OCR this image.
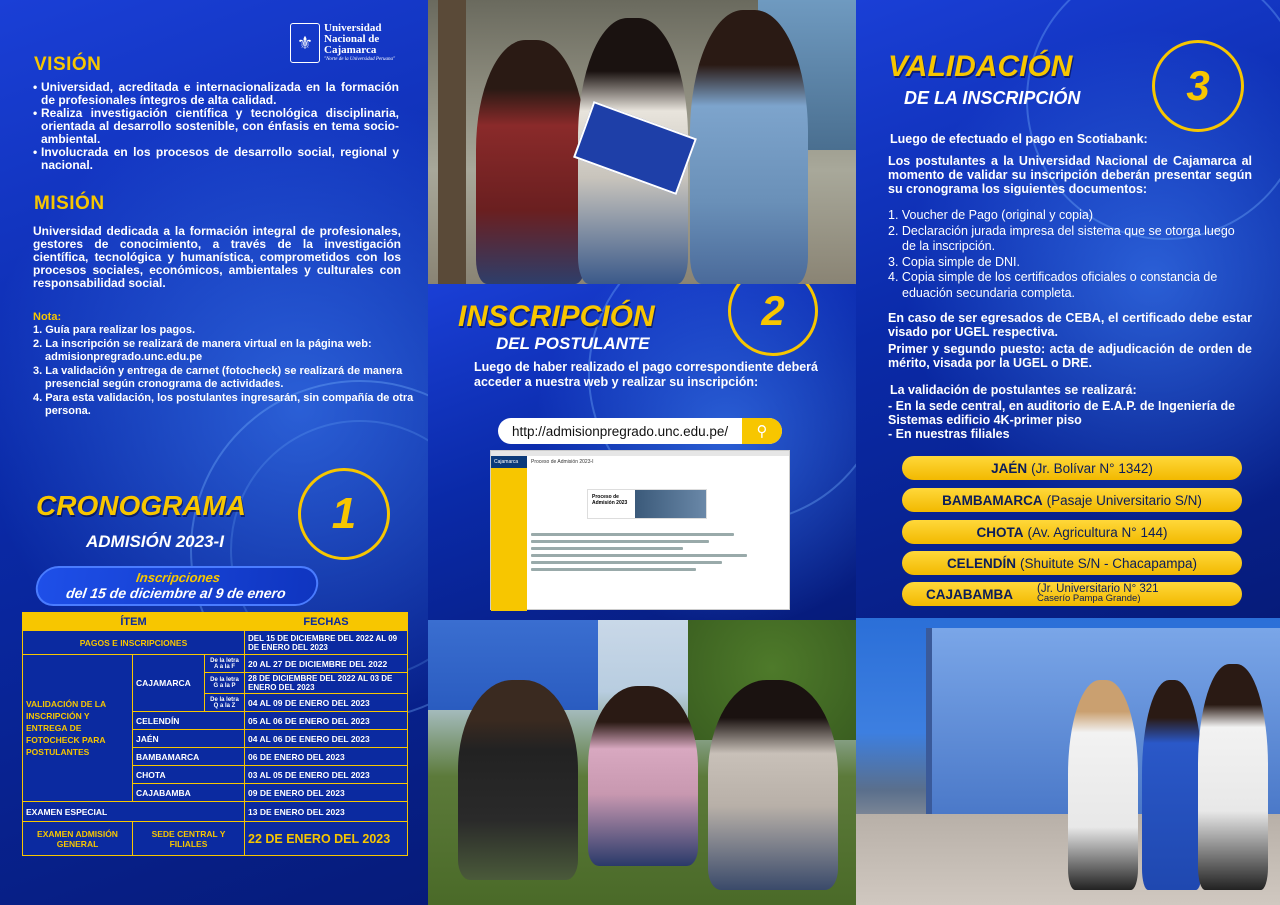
⚜
Universidad
Nacional de
Cajamarca
"Norte de la Universidad Peruana"
VISIÓN
• Universidad, acreditada e internacionalizada en la formación de profesionales íntegros de alta calidad.
• Realiza investigación científica y tecnológica disciplinaria, orientada al desarrollo sostenible, con énfasis en tema socio-ambiental.
• Involucrada en los procesos de desarrollo social, regional y nacional.
MISIÓN

Universidad dedicada a la formación integral de profesionales, gestores de conocimiento, a través de la investigación científica, tecnológica y humanística, comprometidos con los procesos sociales, económicos, ambientales y culturales con responsabilidad social.

Nota:
1. Guía para realizar los pagos.
2. La inscripción se realizará de manera virtual en la página web: admisionpregrado.unc.edu.pe
3. La validación y entrega de carnet (fotocheck) se realizará de manera presencial según cronograma de actividades.
4. Para esta validación, los postulantes ingresarán, sin compañía de otra persona.
CRONOGRAMA
ADMISIÓN 2023-I
1
Inscripciones
del 15 de diciembre al 9 de enero
ÍTEM			FECHAS
PAGOS E INSCRIPCIONES			DEL 15 DE DICIEMBRE DEL 2022 AL 09 DE ENERO DEL 2023
VALIDACIÓN DE LA INSCRIPCIÓN Y ENTREGA DE FOTOCHECK PARA POSTULANTES	CAJAMARCA	De la letra A a la F	20 AL 27 DE DICIEMBRE DEL 2022
		De la letra G a la P	28 DE DICIEMBRE DEL 2022 AL 03 DE ENERO DEL 2023
		De la letra Q a la Z	04 AL 09 DE ENERO DEL 2023
	CELENDÍN		05 AL 06 DE ENERO DEL 2023
	JAÉN		04 AL 06 DE ENERO DEL 2023
	BAMBAMARCA		06 DE ENERO DEL 2023
	CHOTA		03 AL 05 DE ENERO DEL 2023
	CAJABAMBA		09 DE ENERO DEL 2023
EXAMEN ESPECIAL			13 DE ENERO DEL 2023
EXAMEN ADMISIÓN GENERAL	SEDE CENTRAL Y FILIALES		22 DE ENERO DEL 2023
INSCRIPCIÓN
DEL POSTULANTE
2

Luego de haber realizado el pago correspondiente deberá acceder a nuestra web y realizar su inscripción:

http://admisionpregrado.unc.edu.pe/	⚲
Cajamarca	Proceso de Admisión 2023-I
Proceso de Admisión 2023
VALIDACIÓN
DE LA INSCRIPCIÓN	3

Luego de efectuado el pago en Scotiabank:

Los postulantes a la Universidad Nacional de Cajamarca al momento de validar su inscripción deberán presentar según su cronograma los siguientes documentos:

1. Voucher de Pago (original y copia)
2. Declaración jurada impresa del sistema que se otorga luego de la inscripción.
3. Copia simple de DNI.
4. Copia simple de los certificados oficiales o constancia de eduación secundaria completa.

En caso de ser egresados de CEBA, el certificado debe estar visado por UGEL respectiva.

Primer y segundo puesto: acta de adjudicación de orden de mérito, visada por la UGEL o DRE.

La validación de postulantes se realizará:

- En la sede central, en auditorio de E.A.P. de Ingeniería de Sistemas edificio 4K-primer piso
- En nuestras filiales
JAÉN (Jr. Bolívar N° 1342)
BAMBAMARCA (Pasaje Universitario S/N)
CHOTA (Av. Agricultura N° 144)
CELENDÍN (Shuitute S/N - Chacapampa)
CAJABAMBA (Jr. Universitario N° 321
Caserío Pampa Grande)
